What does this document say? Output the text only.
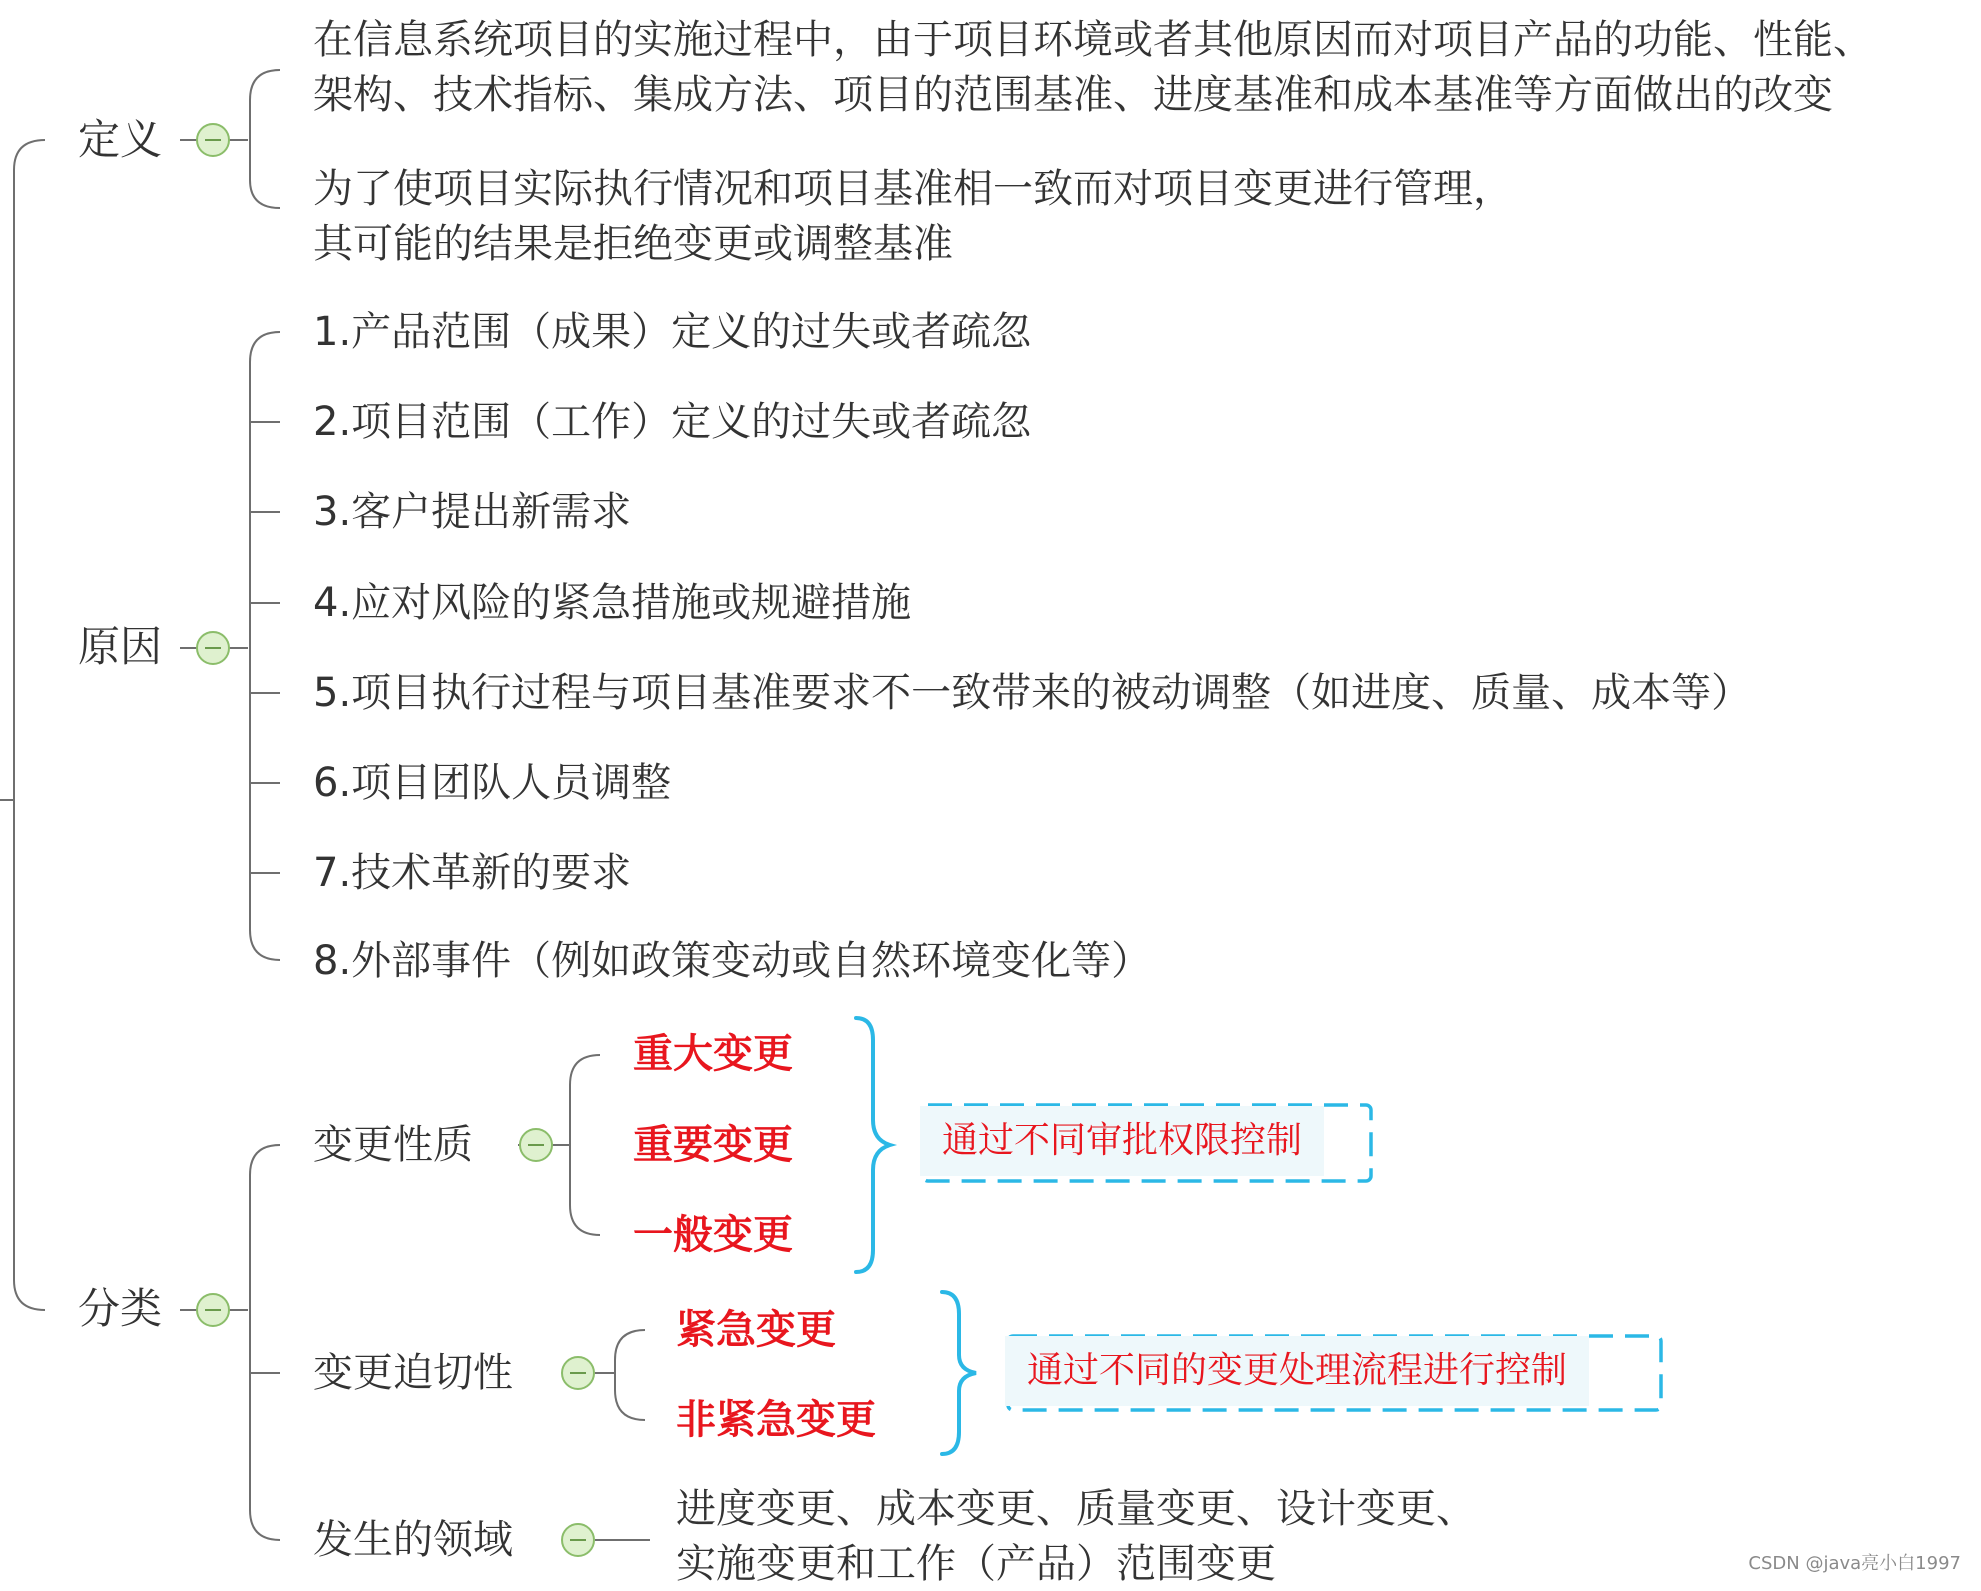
定义
在信息系统项目的实施过程中，由于项目环境或者其他原因而对项目产品的功能、性能、
架构、技术指标、集成方法、项目的范围基准、进度基准和成本基准等方面做出的改变
为了使项目实际执行情况和项目基准相一致而对项目变更进行管理，
其可能的结果是拒绝变更或调整基准
原因
1.产品范围（成果）定义的过失或者疏忽
2.项目范围（工作）定义的过失或者疏忽
3.客户提出新需求
4.应对风险的紧急措施或规避措施
5.项目执行过程与项目基准要求不一致带来的被动调整（如进度、质量、成本等）
6.项目团队人员调整
7.技术革新的要求
8.外部事件（例如政策变动或自然环境变化等）
分类
变更性质
重大变更
重要变更
一般变更
通过不同审批权限控制
变更迫切性
紧急变更
非紧急变更
通过不同的变更处理流程进行控制
发生的领域
进度变更、成本变更、质量变更、设计变更、
实施变更和工作（产品）范围变更	CSDN @java亮小白1997
